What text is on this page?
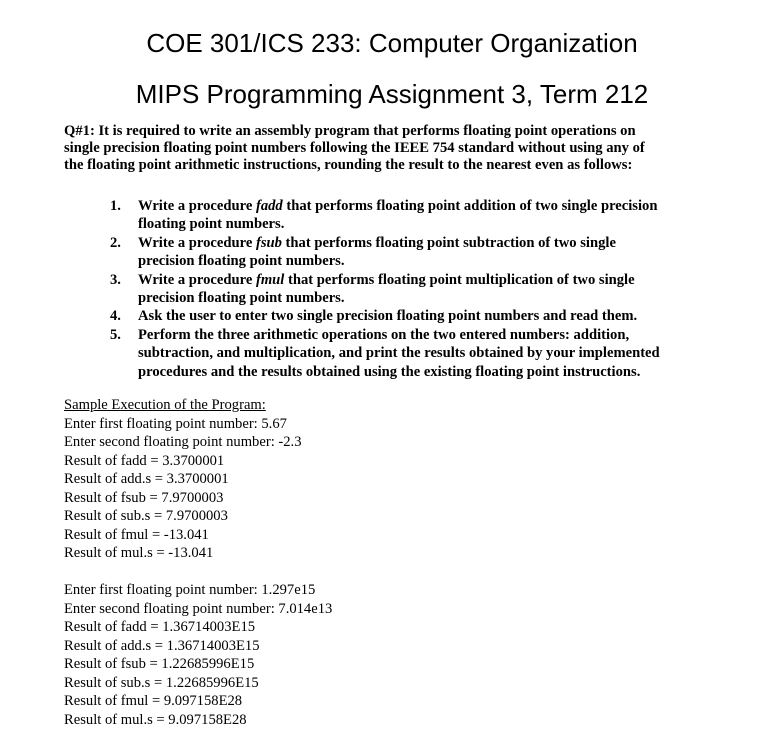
COE 301/ICS 233: Computer Organization
MIPS Programming Assignment 3, Term 212
Q#1: It is required to write an assembly program that performs floating point operations on
single precision floating point numbers following the IEEE 754 standard without using any of
the floating point arithmetic instructions, rounding the result to the nearest even as follows:
1. Write a procedure fadd that performs floating point addition of two single precision
floating point numbers.
2. Write a procedure fsub that performs floating point subtraction of two single
precision floating point numbers.
3. Write a procedure fmul that performs floating point multiplication of two single
precision floating point numbers.
4. Ask the user to enter two single precision floating point numbers and read them.
5. Perform the three arithmetic operations on the two entered numbers: addition,
subtraction, and multiplication, and print the results obtained by your implemented
procedures and the results obtained using the existing floating point instructions.
Sample Execution of the Program:
Enter first floating point number: 5.67
Enter second floating point number: -2.3
Result of fadd = 3.3700001
Result of add.s = 3.3700001
Result of fsub = 7.9700003
Result of sub.s = 7.9700003
Result of fmul = -13.041
Result of mul.s = -13.041
Enter first floating point number: 1.297e15
Enter second floating point number: 7.014e13
Result of fadd = 1.36714003E15
Result of add.s = 1.36714003E15
Result of fsub = 1.22685996E15
Result of sub.s = 1.22685996E15
Result of fmul = 9.097158E28
Result of mul.s = 9.097158E28
